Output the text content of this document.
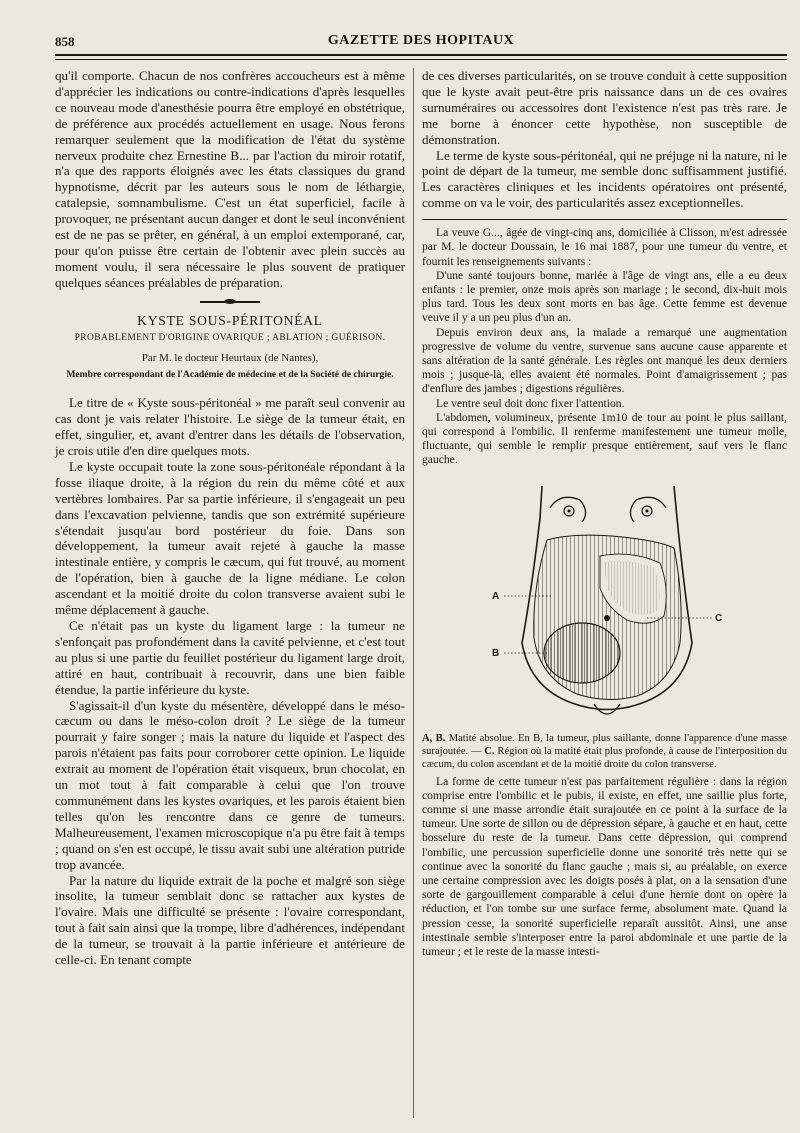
858	GAZETTE DES HOPITAUX

qu'il comporte. Chacun de nos confrères accoucheurs est à même d'apprécier les indications ou contre-indications d'après lesquelles ce nouveau mode d'anesthésie pourra être employé en obstétrique, de préférence aux procédés actuellement en usage. Nous ferons remarquer seulement que la modification de l'état du système nerveux produite chez Ernestine B... par l'action du miroir rotatif, n'a que des rapports éloignés avec les états classiques du grand hypnotisme, décrit par les auteurs sous le nom de léthargie, catalepsie, somnambulisme. C'est un état superficiel, facile à provoquer, ne présentant aucun danger et dont le seul inconvénient est de ne pas se prêter, en général, à un emploi extemporané, car, pour qu'on puisse être certain de l'obtenir avec plein succès au moment voulu, il sera nécessaire le plus souvent de pratiquer quelques séances préalables de préparation.

KYSTE SOUS-PÉRITONÉAL
PROBABLEMENT D'ORIGINE OVARIQUE ; ABLATION ; GUÉRISON.
Par M. le docteur Heurtaux (de Nantes),
Membre correspondant de l'Académie de médecine et de la Société de chirurgie.

Le titre de « Kyste sous-péritonéal » me paraît seul convenir au cas dont je vais relater l'histoire. Le siège de la tumeur était, en effet, singulier, et, avant d'entrer dans les détails de l'observation, je crois utile d'en dire quelques mots.

Le kyste occupait toute la zone sous-péritonéale répondant à la fosse iliaque droite, à la région du rein du même côté et aux vertèbres lombaires. Par sa partie inférieure, il s'engageait un peu dans l'excavation pelvienne, tandis que son extrémité supérieure s'étendait jusqu'au bord postérieur du foie. Dans son développement, la tumeur avait rejeté à gauche la masse intestinale entière, y compris le cæcum, qui fut trouvé, au moment de l'opération, bien à gauche de la ligne médiane. Le colon ascendant et la moitié droite du colon transverse avaient subi le même déplacement à gauche.

Ce n'était pas un kyste du ligament large : la tumeur ne s'enfonçait pas profondément dans la cavité pelvienne, et c'est tout au plus si une partie du feuillet postérieur du ligament large droit, attiré en haut, contribuait à recouvrir, dans une bien faible étendue, la partie inférieure du kyste.

S'agissait-il d'un kyste du mésentère, développé dans le méso-cæcum ou dans le méso-colon droit ? Le siège de la tumeur pourrait y faire songer ; mais la nature du liquide et l'aspect des parois n'étaient pas faits pour corroborer cette opinion. Le liquide extrait au moment de l'opération était visqueux, brun chocolat, en un mot tout à fait comparable à celui que l'on trouve communément dans les kystes ovariques, et les parois étaient bien telles qu'on les rencontre dans ce genre de tumeurs. Malheureusement, l'examen microscopique n'a pu être fait à temps ; quand on s'en est occupé, le tissu avait subi une altération putride trop avancée.

Par la nature du liquide extrait de la poche et malgré son siège insolite, la tumeur semblait donc se rattacher aux kystes de l'ovaire. Mais une difficulté se présente : l'ovaire correspondant, tout à fait sain ainsi que la trompe, libre d'adhérences, indépendant de la tumeur, se trouvait à la partie inférieure et antérieure de celle-ci. En tenant compte

de ces diverses particularités, on se trouve conduit à cette supposition que le kyste avait peut-être pris naissance dans un de ces ovaires surnuméraires ou accessoires dont l'existence n'est pas très rare. Je me borne à énoncer cette hypothèse, non susceptible de démonstration.

Le terme de kyste sous-péritonéal, qui ne préjuge ni la nature, ni le point de départ de la tumeur, me semble donc suffisamment justifié. Les caractères cliniques et les incidents opératoires ont présenté, comme on va le voir, des particularités assez exceptionnelles.

La veuve G..., âgée de vingt-cinq ans, domiciliée à Clisson, m'est adressée par M. le docteur Doussain, le 16 mai 1887, pour une tumeur du ventre, et fournit les renseignements suivants :

D'une santé toujours bonne, mariée à l'âge de vingt ans, elle a eu deux enfants : le premier, onze mois après son mariage ; le second, dix-huit mois plus tard. Tous les deux sont morts en bas âge. Cette femme est devenue veuve il y a un peu plus d'un an.

Depuis environ deux ans, la malade a remarqué une augmentation progressive de volume du ventre, survenue sans aucune cause apparente et sans altération de la santé générale. Les règles ont manqué les deux derniers mois ; jusque-là, elles avaient été normales. Point d'amaigrissement ; pas d'enflure des jambes ; digestions régulières.

Le ventre seul doit donc fixer l'attention.

L'abdomen, volumineux, présente 1m10 de tour au point le plus saillant, qui correspond à l'ombilic. Il renferme manifestement une tumeur molle, fluctuante, qui semble le remplir presque entièrement, sauf vers le flanc gauche.

A
B
C
A, B. Matité absolue. En B, la tumeur, plus saillante, donne l'apparence d'une masse surajoutée. — C. Région où la matité était plus profonde, à cause de l'interposition du cæcum, du colon ascendant et de la moitié droite du colon transverse.

La forme de cette tumeur n'est pas parfaitement régulière : dans la région comprise entre l'ombilic et le pubis, il existe, en effet, une saillie plus forte, comme si une masse arrondie était surajoutée en ce point à la surface de la tumeur. Une sorte de sillon ou de dépression sépare, à gauche et en haut, cette bosselure du reste de la tumeur. Dans cette dépression, qui comprend l'ombilic, une percussion superficielle donne une sonorité très nette qui se continue avec la sonorité du flanc gauche ; mais si, au préalable, on exerce une certaine compression avec les doigts posés à plat, on a la sensation d'une sorte de gargouillement comparable à celui d'une hernie dont on opère la réduction, et l'on tombe sur une surface ferme, absolument mate. Quand la pression cesse, la sonorité superficielle reparaît aussitôt. Ainsi, une anse intestinale semble s'interposer entre la paroi abdominale et une partie de la tumeur ; et le reste de la masse intesti-
